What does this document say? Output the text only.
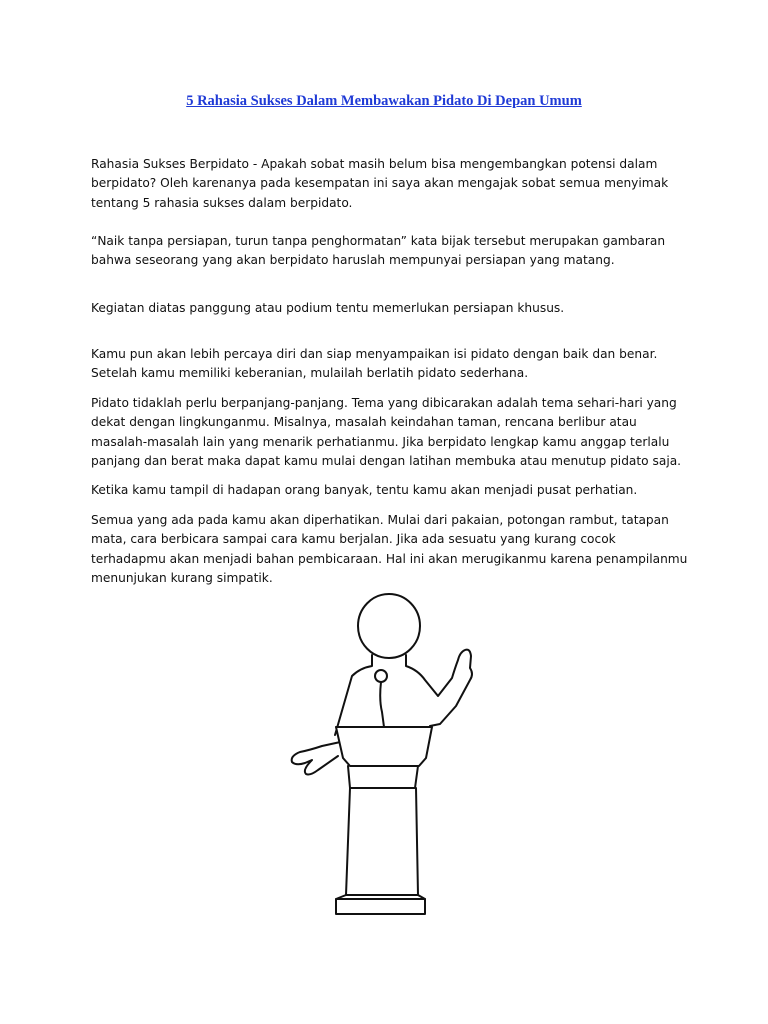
5 Rahasia Sukses Dalam Membawakan Pidato Di Depan Umum

Rahasia Sukses Berpidato - Apakah sobat masih belum bisa mengembangkan potensi dalam berpidato? Oleh karenanya pada kesempatan ini saya akan mengajak sobat semua menyimak tentang 5 rahasia sukses dalam berpidato.

“Naik tanpa persiapan, turun tanpa penghormatan” kata bijak tersebut merupakan gambaran bahwa seseorang yang akan berpidato haruslah mempunyai persiapan yang matang.

Kegiatan diatas panggung atau podium tentu memerlukan persiapan khusus.

Kamu pun akan lebih percaya diri dan siap menyampaikan isi pidato dengan baik dan benar. Setelah kamu memiliki keberanian, mulailah berlatih pidato sederhana.

Pidato tidaklah perlu berpanjang-panjang. Tema yang dibicarakan adalah tema sehari-hari yang dekat dengan lingkunganmu. Misalnya, masalah keindahan taman, rencana berlibur atau masalah-masalah lain yang menarik perhatianmu. Jika berpidato lengkap kamu anggap terlalu panjang dan berat maka dapat kamu mulai dengan latihan membuka atau menutup pidato saja.

Ketika kamu tampil di hadapan orang banyak, tentu kamu akan menjadi pusat perhatian.

Semua yang ada pada kamu akan diperhatikan. Mulai dari pakaian, potongan rambut, tatapan mata, cara berbicara sampai cara kamu berjalan. Jika ada sesuatu yang kurang cocok terhadapmu akan menjadi bahan pembicaraan. Hal ini akan merugikanmu karena penampilanmu menunjukan kurang simpatik.
